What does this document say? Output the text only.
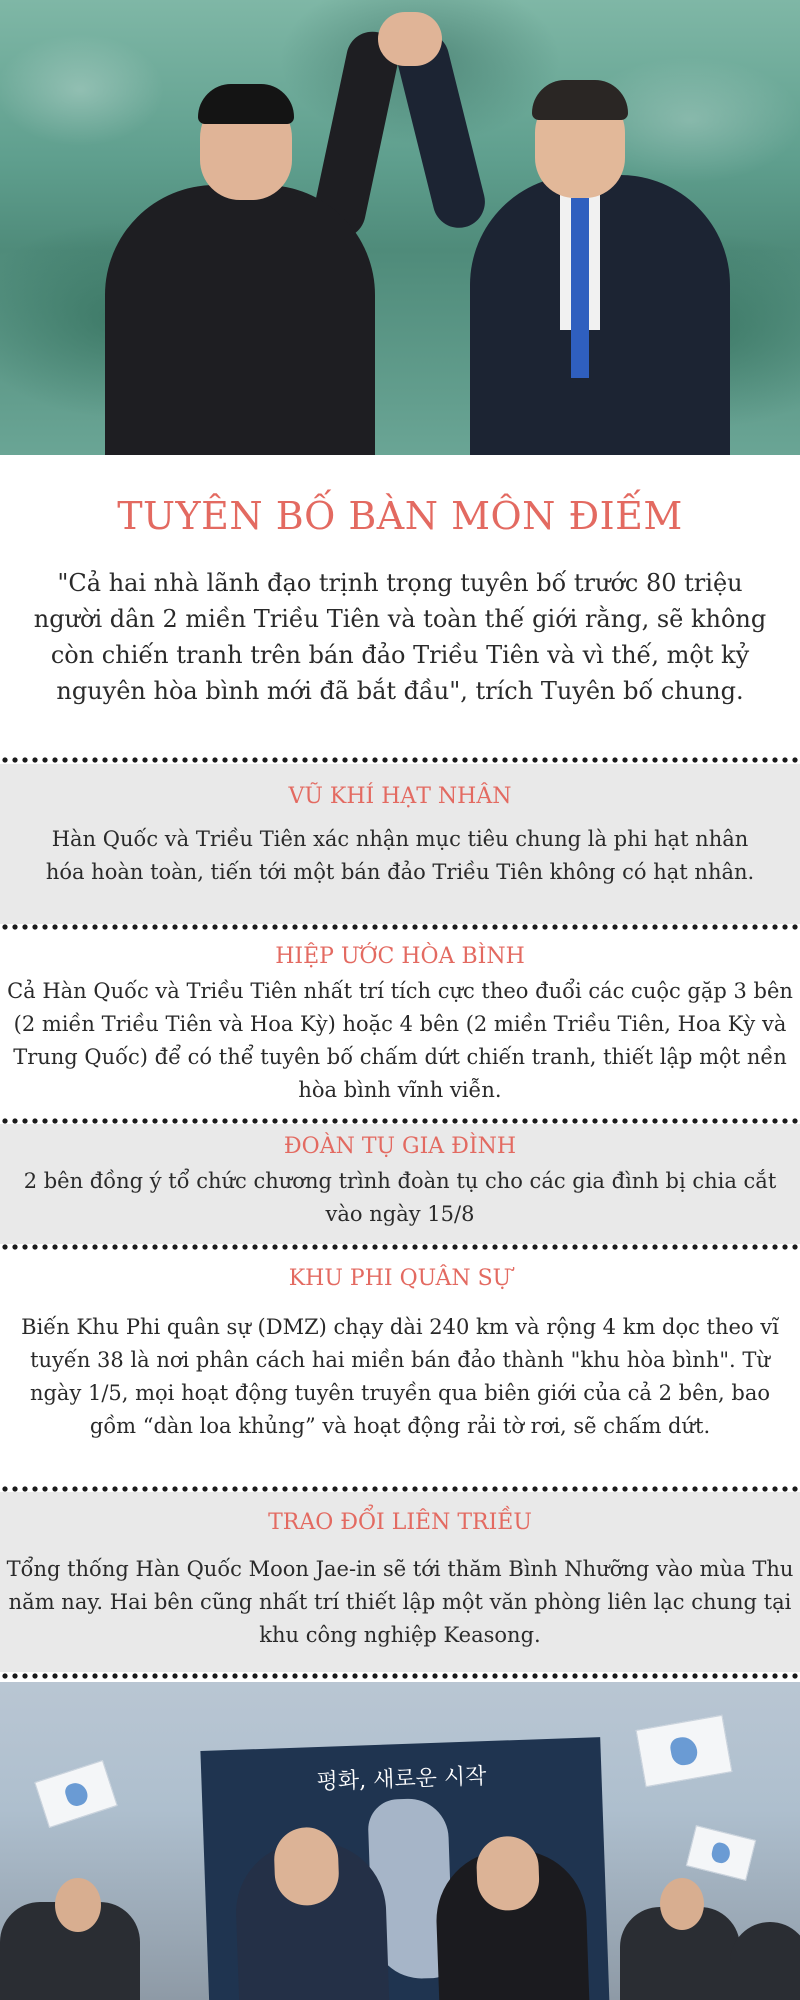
TUYÊN BỐ BÀN MÔN ĐIẾM

"Cả hai nhà lãnh đạo trịnh trọng tuyên bố trước 80 triệu người dân 2 miền Triều Tiên và toàn thế giới rằng, sẽ không còn chiến tranh trên bán đảo Triều Tiên và vì thế, một kỷ nguyên hòa bình mới đã bắt đầu", trích Tuyên bố chung.

VŨ KHÍ HẠT NHÂN

Hàn Quốc và Triều Tiên xác nhận mục tiêu chung là phi hạt nhân hóa hoàn toàn, tiến tới một bán đảo Triều Tiên không có hạt nhân.

HIỆP ƯỚC HÒA BÌNH

Cả Hàn Quốc và Triều Tiên nhất trí tích cực theo đuổi các cuộc gặp 3 bên (2 miền Triều Tiên và Hoa Kỳ) hoặc 4 bên (2 miền Triều Tiên, Hoa Kỳ và Trung Quốc) để có thể tuyên bố chấm dứt chiến tranh, thiết lập một nền hòa bình vĩnh viễn.

ĐOÀN TỤ GIA ĐÌNH

2 bên đồng ý tổ chức chương trình đoàn tụ cho các gia đình bị chia cắt vào ngày 15/8

KHU PHI QUÂN SỰ

Biến Khu Phi quân sự (DMZ) chạy dài 240 km và rộng 4 km dọc theo vĩ tuyến 38 là nơi phân cách hai miền bán đảo thành "khu hòa bình". Từ ngày 1/5, mọi hoạt động tuyên truyền qua biên giới của cả 2 bên, bao gồm “dàn loa khủng” và hoạt động rải tờ rơi, sẽ chấm dứt.

TRAO ĐỔI LIÊN TRIỀU

Tổng thống Hàn Quốc Moon Jae-in sẽ tới thăm Bình Nhưỡng vào mùa Thu năm nay. Hai bên cũng nhất trí thiết lập một văn phòng liên lạc chung tại khu công nghiệp Keasong.

평화, 새로운 시작
